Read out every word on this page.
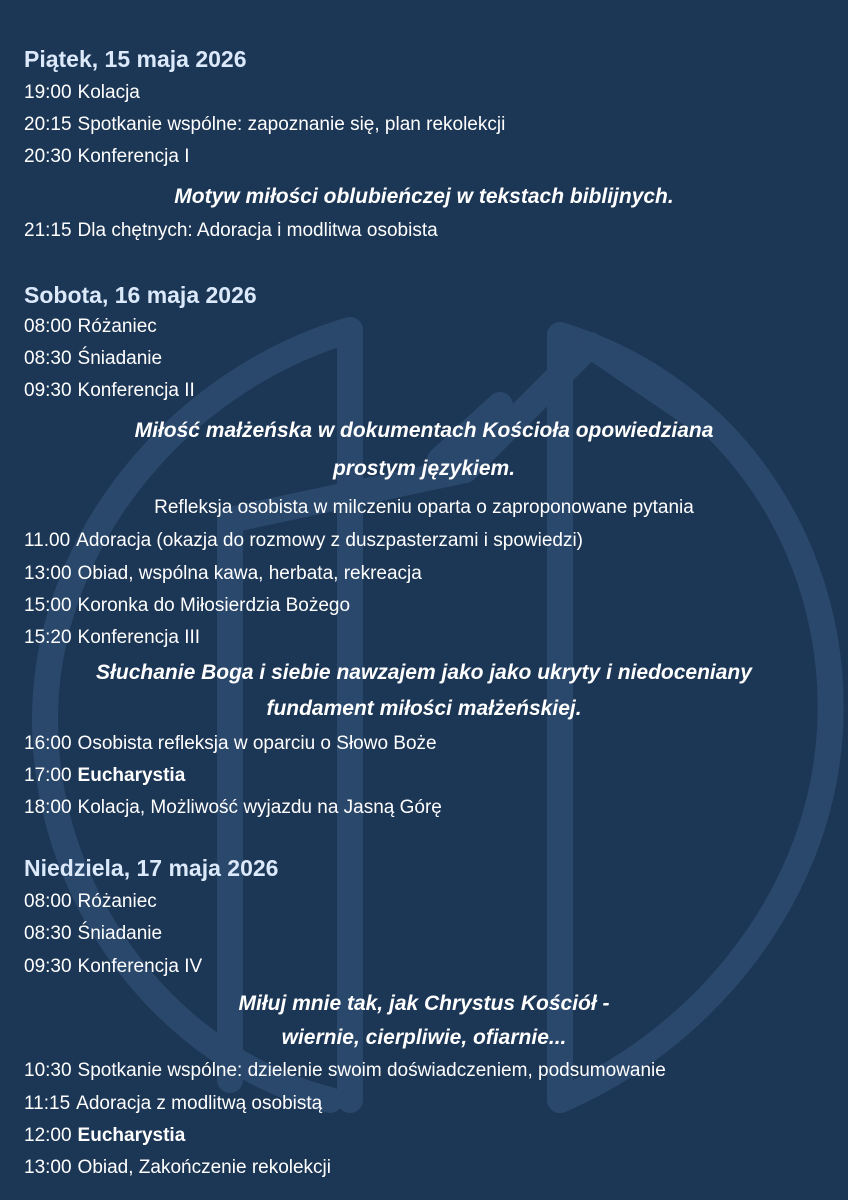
Piątek, 15 maja 2026
19:00 Kolacja
20:15 Spotkanie wspólne: zapoznanie się, plan rekolekcji
20:30 Konferencja I
Motyw miłości oblubieńczej w tekstach biblijnych.
21:15 Dla chętnych: Adoracja i modlitwa osobista
Sobota, 16 maja 2026
08:00 Różaniec
08:30 Śniadanie
09:30 Konferencja II
Miłość małżeńska w dokumentach Kościoła opowiedziana
prostym językiem.
Refleksja osobista w milczeniu oparta o zaproponowane pytania
11.00 Adoracja (okazja do rozmowy z duszpasterzami i spowiedzi)
13:00 Obiad, wspólna kawa, herbata, rekreacja
15:00 Koronka do Miłosierdzia Bożego
15:20 Konferencja III
Słuchanie Boga i siebie nawzajem jako jako ukryty i niedoceniany
fundament miłości małżeńskiej.
16:00 Osobista refleksja w oparciu o Słowo Boże
17:00 Eucharystia
18:00 Kolacja, Możliwość wyjazdu na Jasną Górę
Niedziela, 17 maja 2026
08:00 Różaniec
08:30 Śniadanie
09:30 Konferencja IV
Miłuj mnie tak, jak Chrystus Kościół -
wiernie, cierpliwie, ofiarnie...
10:30 Spotkanie wspólne: dzielenie swoim doświadczeniem, podsumowanie
11:15 Adoracja z modlitwą osobistą
12:00 Eucharystia
13:00 Obiad, Zakończenie rekolekcji
